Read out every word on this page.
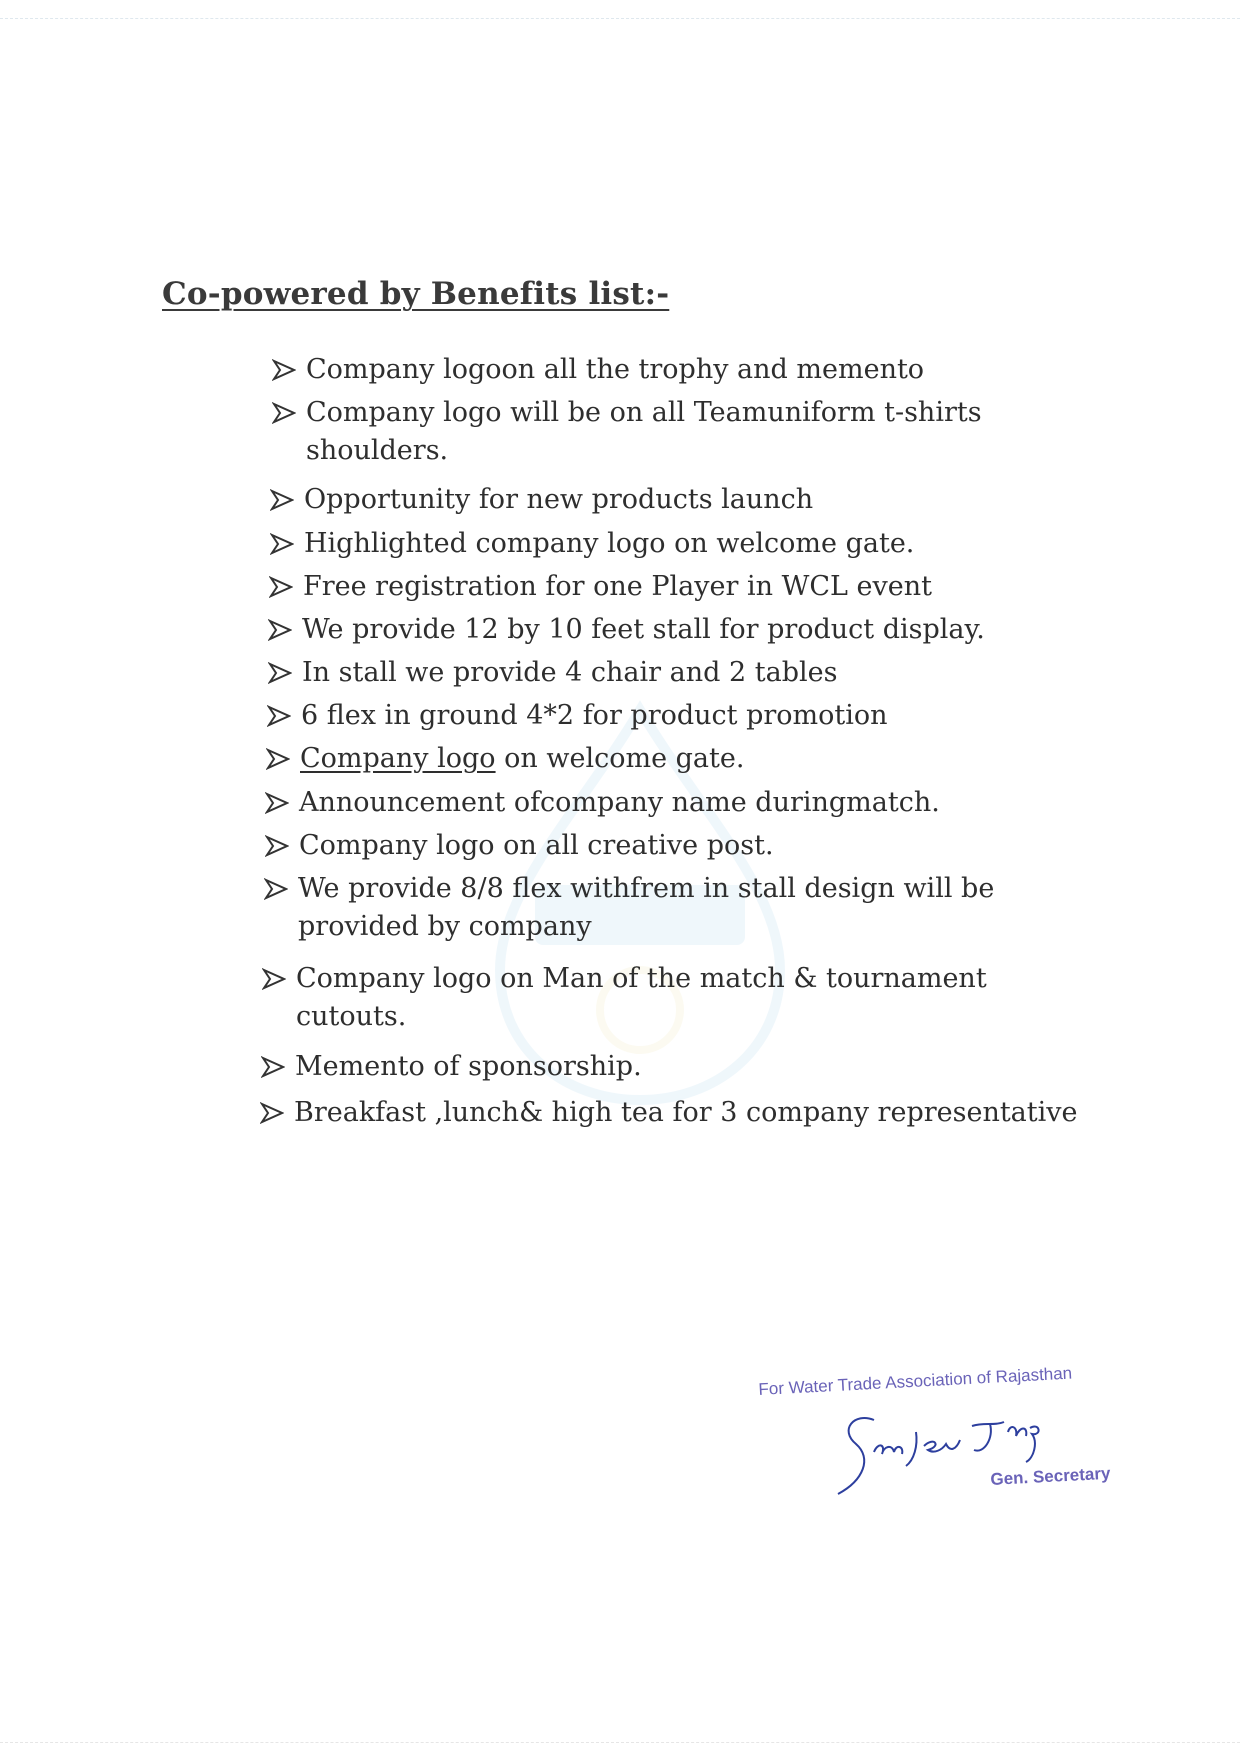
Co-powered by Benefits list:-
Company logoon all the trophy and memento
Company logo will be on all Teamuniform t-shirts
shoulders.
Opportunity for new products launch
Highlighted company logo on welcome gate.
Free registration for one Player in WCL event
We provide 12 by 10 feet stall for product display.
In stall we provide 4 chair and 2 tables
6 flex in ground 4*2 for product promotion
Company logo on welcome gate.
Announcement ofcompany name duringmatch.
Company logo on all creative post.
We provide 8/8 flex withfrem in stall design will be
provided by company
Company logo on Man of the match & tournament
cutouts.
Memento of sponsorship.
Breakfast ,lunch& high tea for 3 company representative
For Water Trade Association of Rajasthan
Gen. Secretary
